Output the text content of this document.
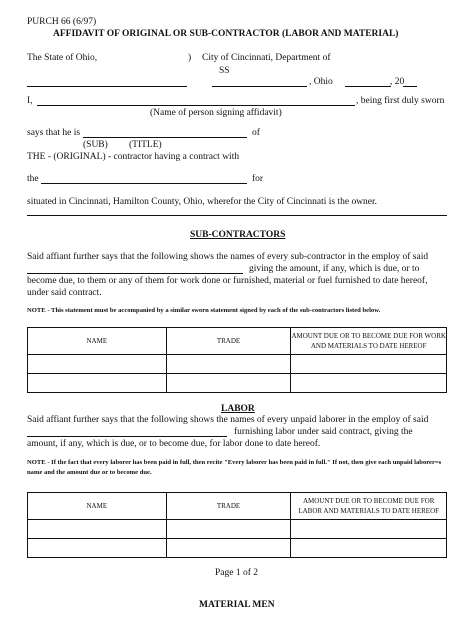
PURCH 66 (6/97)
AFFIDAVIT OF ORIGINAL OR SUB-CONTRACTOR (LABOR AND MATERIAL)
The State of Ohio,	) City of Cincinnati, Department of
SS
, Ohio	, 20
I,	, being first duly sworn
(Name of person signing affidavit)
says that he is	of
(SUB) (TITLE)
THE - (ORIGINAL) - contractor having a contract with
the	for
situated in Cincinnati, Hamilton County, Ohio, wherefor the City of Cincinnati is the owner.
SUB-CONTRACTORS
Said affiant further says that the following shows the names of every sub-contractor in the employ of said
giving the amount, if any, which is due, or to
become due, to them or any of them for work done or furnished, material or fuel furnished to date hereof,
under said contract.
NOTE - This statement must be accompanied by a similar sworn statement signed by each of the sub-contractors listed below.
NAME	TRADE	AMOUNT DUE OR TO BECOME DUE FOR WORK AND MATERIALS TO DATE HEREOF

LABOR
Said affiant further says that the following shows the names of every unpaid laborer in the employ of said
furnishing labor under said contract, giving the
amount, if any, which is due, or to become due, for labor done to date hereof.
NOTE - If the fact that every laborer has been paid in full, then recite "Every laborer has been paid in full." If not, then give each unpaid laborer=s name and the amount due or to become due.
NAME	TRADE	AMOUNT DUE OR TO BECOME DUE FOR LABOR AND MATERIALS TO DATE HEREOF

Page 1 of 2
MATERIAL MEN
